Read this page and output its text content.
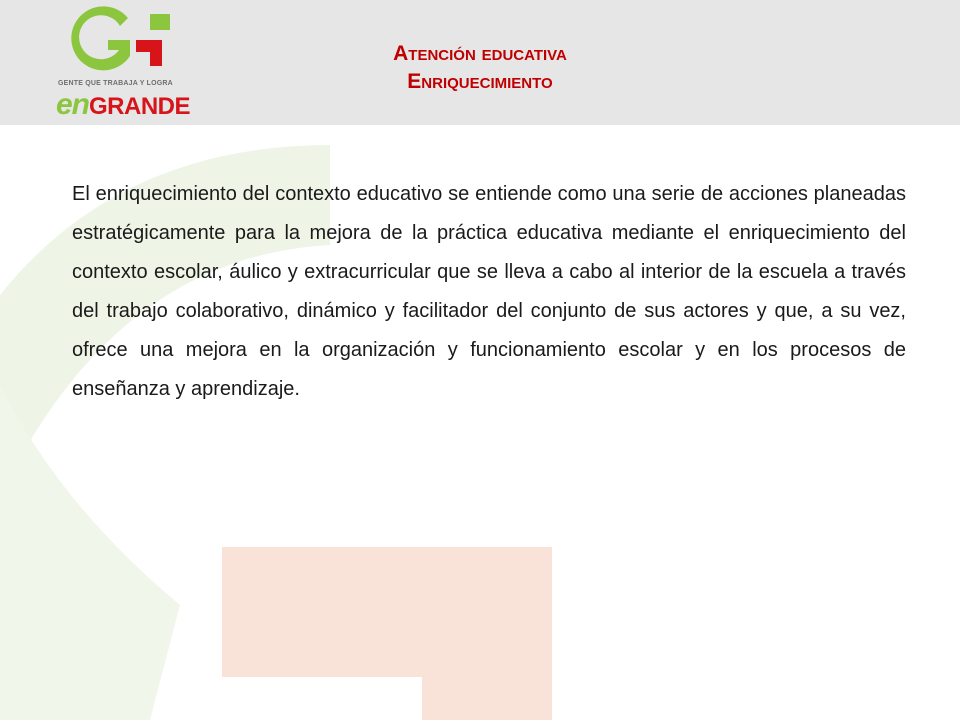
GENTE QUE TRABAJA Y LOGRA
enGRANDE
Atención educativa
Enriquecimiento

El enriquecimiento del contexto educativo se entiende como una serie de acciones planeadas estratégicamente para la mejora de la práctica educativa mediante el enriquecimiento del contexto escolar, áulico y extracurricular que se lleva a cabo al interior de la escuela a través del trabajo colaborativo, dinámico y facilitador del conjunto de sus actores y que, a su vez, ofrece una mejora en la organización y funcionamiento escolar y en los procesos de enseñanza y aprendizaje.
